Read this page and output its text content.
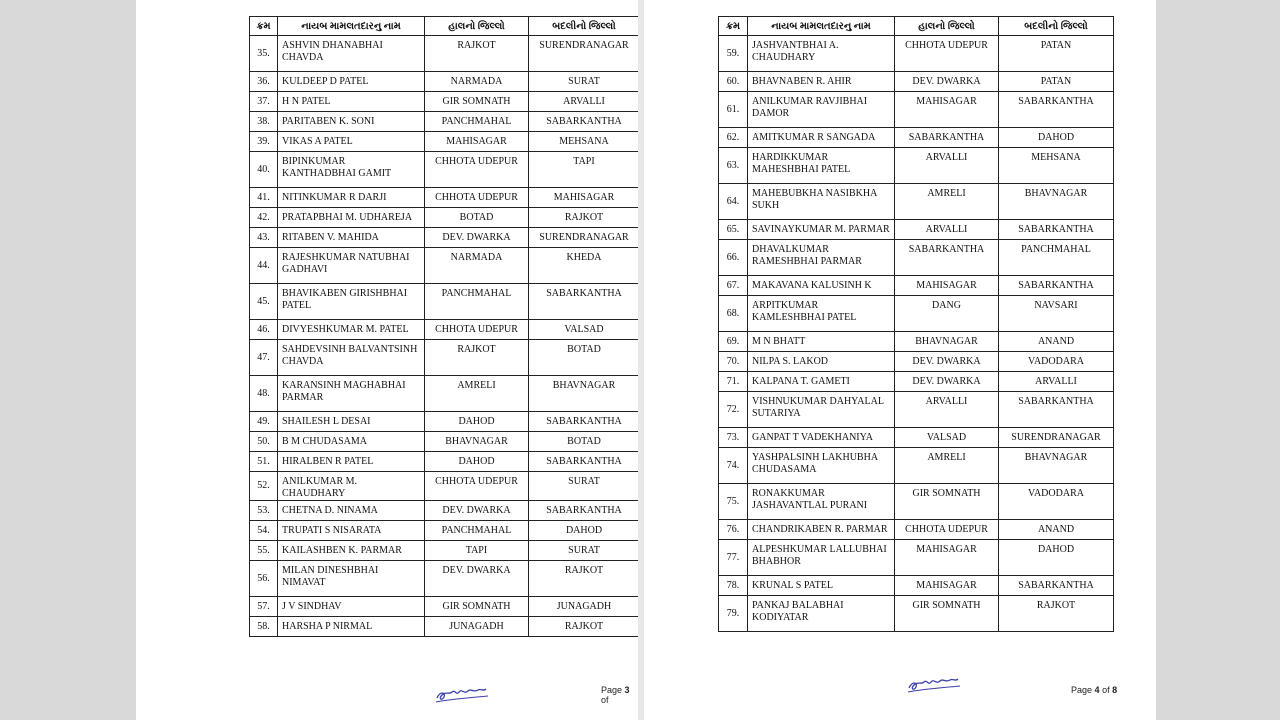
ક્રમ	નાયબ મામલતદારનુ નામ	હાલનો જિલ્લો	બદલીનો જિલ્લો
35.	ASHVIN DHANABHAI CHAVDA	RAJKOT	SURENDRANAGAR
36.	KULDEEP D PATEL	NARMADA	SURAT
37.	H N PATEL	GIR SOMNATH	ARVALLI
38.	PARITABEN K. SONI	PANCHMAHAL	SABARKANTHA
39.	VIKAS A PATEL	MAHISAGAR	MEHSANA
40.	BIPINKUMAR KANTHADBHAI GAMIT	CHHOTA UDEPUR	TAPI
41.	NITINKUMAR R DARJI	CHHOTA UDEPUR	MAHISAGAR
42.	PRATAPBHAI M. UDHAREJA	BOTAD	RAJKOT
43.	RITABEN V. MAHIDA	DEV. DWARKA	SURENDRANAGAR
44.	RAJESHKUMAR NATUBHAI GADHAVI	NARMADA	KHEDA
45.	BHAVIKABEN GIRISHBHAI PATEL	PANCHMAHAL	SABARKANTHA
46.	DIVYESHKUMAR M. PATEL	CHHOTA UDEPUR	VALSAD
47.	SAHDEVSINH BALVANTSINH CHAVDA	RAJKOT	BOTAD
48.	KARANSINH MAGHABHAI PARMAR	AMRELI	BHAVNAGAR
49.	SHAILESH L DESAI	DAHOD	SABARKANTHA
50.	B M CHUDASAMA	BHAVNAGAR	BOTAD
51.	HIRALBEN R PATEL	DAHOD	SABARKANTHA
52.	ANILKUMAR M. CHAUDHARY	CHHOTA UDEPUR	SURAT
53.	CHETNA D. NINAMA	DEV. DWARKA	SABARKANTHA
54.	TRUPATI S NISARATA	PANCHMAHAL	DAHOD
55.	KAILASHBEN K. PARMAR	TAPI	SURAT
56.	MILAN DINESHBHAI NIMAVAT	DEV. DWARKA	RAJKOT
57.	J V SINDHAV	GIR SOMNATH	JUNAGADH
58.	HARSHA P NIRMAL	JUNAGADH	RAJKOT
Page 3 of
ક્રમ	નાયબ મામલતદારનુ નામ	હાલનો જિલ્લો	બદલીનો જિલ્લો
59.	JASHVANTBHAI A. CHAUDHARY	CHHOTA UDEPUR	PATAN
60.	BHAVNABEN R. AHIR	DEV. DWARKA	PATAN
61.	ANILKUMAR RAVJIBHAI DAMOR	MAHISAGAR	SABARKANTHA
62.	AMITKUMAR R SANGADA	SABARKANTHA	DAHOD
63.	HARDIKKUMAR MAHESHBHAI PATEL	ARVALLI	MEHSANA
64.	MAHEBUBKHA NASIBKHA SUKH	AMRELI	BHAVNAGAR
65.	SAVINAYKUMAR M. PARMAR	ARVALLI	SABARKANTHA
66.	DHAVALKUMAR RAMESHBHAI PARMAR	SABARKANTHA	PANCHMAHAL
67.	MAKAVANA KALUSINH K	MAHISAGAR	SABARKANTHA
68.	ARPITKUMAR KAMLESHBHAI PATEL	DANG	NAVSARI
69.	M N BHATT	BHAVNAGAR	ANAND
70.	NILPA S. LAKOD	DEV. DWARKA	VADODARA
71.	KALPANA T. GAMETI	DEV. DWARKA	ARVALLI
72.	VISHNUKUMAR DAHYALAL SUTARIYA	ARVALLI	SABARKANTHA
73.	GANPAT T VADEKHANIYA	VALSAD	SURENDRANAGAR
74.	YASHPALSINH LAKHUBHA CHUDASAMA	AMRELI	BHAVNAGAR
75.	RONAKKUMAR JASHAVANTLAL PURANI	GIR SOMNATH	VADODARA
76.	CHANDRIKABEN R. PARMAR	CHHOTA UDEPUR	ANAND
77.	ALPESHKUMAR LALLUBHAI BHABHOR	MAHISAGAR	DAHOD
78.	KRUNAL S PATEL	MAHISAGAR	SABARKANTHA
79.	PANKAJ BALABHAI KODIYATAR	GIR SOMNATH	RAJKOT
Page 4 of 8
